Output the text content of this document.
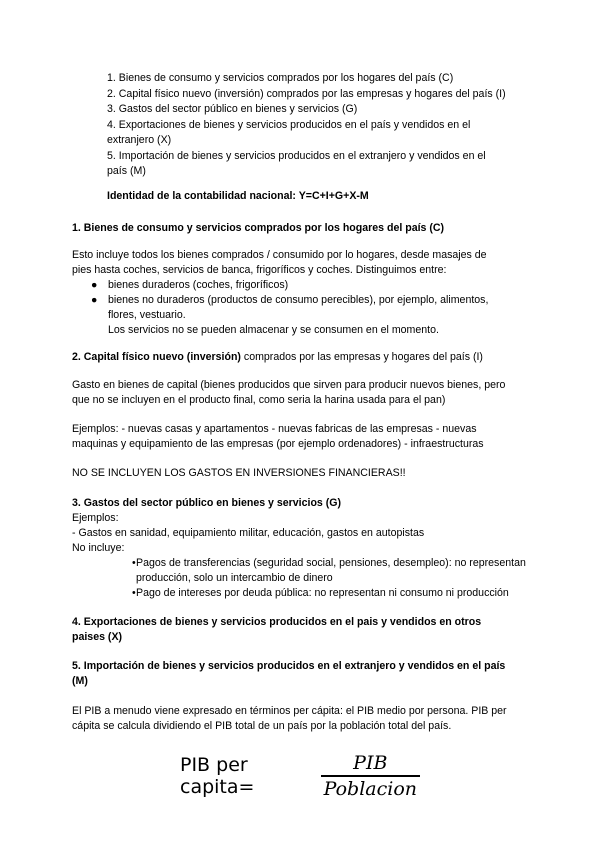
1. Bienes de consumo y servicios comprados por los hogares del país (C)
2. Capital físico nuevo (inversión) comprados por las empresas y hogares del país (I)
3. Gastos del sector público en bienes y servicios (G)
4. Exportaciones de bienes y servicios producidos en el país y vendidos en el
extranjero (X)
5. Importación de bienes y servicios producidos en el extranjero y vendidos en el
país (M)
Identidad de la contabilidad nacional: Y=C+I+G+X-M
1. Bienes de consumo y servicios comprados por los hogares del país (C)
Esto incluye todos los bienes comprados / consumido por lo hogares, desde masajes de
pies hasta coches, servicios de banca, frigoríficos y coches. Distinguimos entre:
● bienes duraderos (coches, frigoríficos)
● bienes no duraderos (productos de consumo perecibles), por ejemplo, alimentos,
flores, vestuario.
Los servicios no se pueden almacenar y se consumen en el momento.
2. Capital físico nuevo (inversión) comprados por las empresas y hogares del país (I)
Gasto en bienes de capital (bienes producidos que sirven para producir nuevos bienes, pero
que no se incluyen en el producto final, como seria la harina usada para el pan)
Ejemplos: - nuevas casas y apartamentos - nuevas fabricas de las empresas - nuevas
maquinas y equipamiento de las empresas (por ejemplo ordenadores) - infraestructuras
NO SE INCLUYEN LOS GASTOS EN INVERSIONES FINANCIERAS!!
3. Gastos del sector público en bienes y servicios (G)
Ejemplos:
- Gastos en sanidad, equipamiento militar, educación, gastos en autopistas
No incluye:
• Pagos de transferencias (seguridad social, pensiones, desempleo): no representan
producción, solo un intercambio de dinero
• Pago de intereses por deuda pública: no representan ni consumo ni producción
4. Exportaciones de bienes y servicios producidos en el pais y vendidos en otros
paises (X)
5. Importación de bienes y servicios producidos en el extranjero y vendidos en el país
(M)
El PIB a menudo viene expresado en términos per cápita: el PIB medio por persona. PIB per
cápita se calcula dividiendo el PIB total de un país por la población total del país.
PIB per capita=	$\frac{\text{PIB}}{\text{Poblacion}}$
